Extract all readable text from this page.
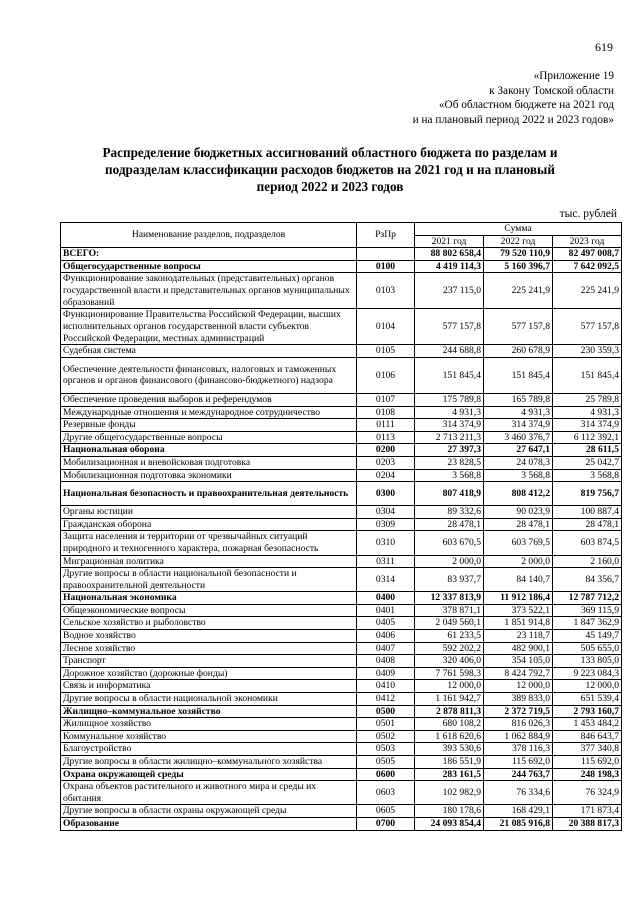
619
«Приложение 19
к Закону Томской области
«Об областном бюджете на 2021 год
и на плановый период 2022 и 2023 годов»
Распределение бюджетных ассигнований областного бюджета по разделам и
подразделам классификации расходов бюджетов на 2021 год и на плановый
период 2022 и 2023 годов
тыс. рублей
Наименование разделов, подразделов	РзПр	Сумма		
		2021 год	2022 год	2023 год
ВСЕГО:		88 802 658,4	79 520 110,9	82 497 008,7
Общегосударственные вопросы	0100	4 419 114,3	5 160 396,7	7 642 092,5
Функционирование законодательных (представительных) органов государственной власти и представительных органов муниципальных образований	0103	237 115,0	225 241,9	225 241,9
Функционирование Правительства Российской Федерации, высших исполнительных органов государственной власти субъектов Российской Федерации, местных администраций	0104	577 157,8	577 157,8	577 157,8
Судебная система	0105	244 688,8	260 678,9	230 359,3
Обеспечение деятельности финансовых, налоговых и таможенных органов и органов финансового (финансово-бюджетного) надзора	0106	151 845,4	151 845,4	151 845,4
Обеспечение проведения выборов и референдумов	0107	175 789,8	165 789,8	25 789,8
Международные отношения и международное сотрудничество	0108	4 931,3	4 931,3	4 931,3
Резервные фонды	0111	314 374,9	314 374,9	314 374,9
Другие общегосударственные вопросы	0113	2 713 211,3	3 460 376,7	6 112 392,1
Национальная оборона	0200	27 397,3	27 647,1	28 611,5
Мобилизационная и вневойсковая подготовка	0203	23 828,5	24 078,3	25 042,7
Мобилизационная подготовка экономики	0204	3 568,8	3 568,8	3 568,8
Национальная безопасность и правоохранительная деятельность	0300	807 418,9	808 412,2	819 756,7
Органы юстиции	0304	89 332,6	90 023,9	100 887,4
Гражданская оборона	0309	28 478,1	28 478,1	28 478,1
Защита населения и территории от чрезвычайных ситуаций природного и техногенного характера, пожарная безопасность	0310	603 670,5	603 769,5	603 874,5
Миграционная политика	0311	2 000,0	2 000,0	2 160,0
Другие вопросы в области национальной безопасности и правоохранительной деятельности	0314	83 937,7	84 140,7	84 356,7
Национальная экономика	0400	12 337 813,9	11 912 186,4	12 787 712,2
Общеэкономические вопросы	0401	378 871,1	373 522,1	369 115,9
Сельское хозяйство и рыболовство	0405	2 049 560,1	1 851 914,8	1 847 362,9
Водное хозяйство	0406	61 233,5	23 118,7	45 149,7
Лесное хозяйство	0407	592 202,2	482 900,1	505 655,0
Транспорт	0408	320 406,0	354 105,0	133 805,0
Дорожное хозяйство (дорожные фонды)	0409	7 761 598,3	8 424 792,7	9 223 084,3
Связь и информатика	0410	12 000,0	12 000,0	12 000,0
Другие вопросы в области национальной экономики	0412	1 161 942,7	389 833,0	651 539,4
Жилищно–коммунальное хозяйство	0500	2 878 811,3	2 372 719,5	2 793 160,7
Жилищное хозяйство	0501	680 108,2	816 026,3	1 453 484,2
Коммунальное хозяйство	0502	1 618 620,6	1 062 884,9	846 643,7
Благоустройство	0503	393 530,6	378 116,3	377 340,8
Другие вопросы в области жилищно–коммунального хозяйства	0505	186 551,9	115 692,0	115 692,0
Охрана окружающей среды	0600	283 161,5	244 763,7	248 198,3
Охрана объектов растительного и животного мира и среды их обитания	0603	102 982,9	76 334,6	76 324,9
Другие вопросы в области охраны окружающей среды	0605	180 178,6	168 429,1	171 873,4
Образование	0700	24 093 854,4	21 085 916,8	20 388 817,3
